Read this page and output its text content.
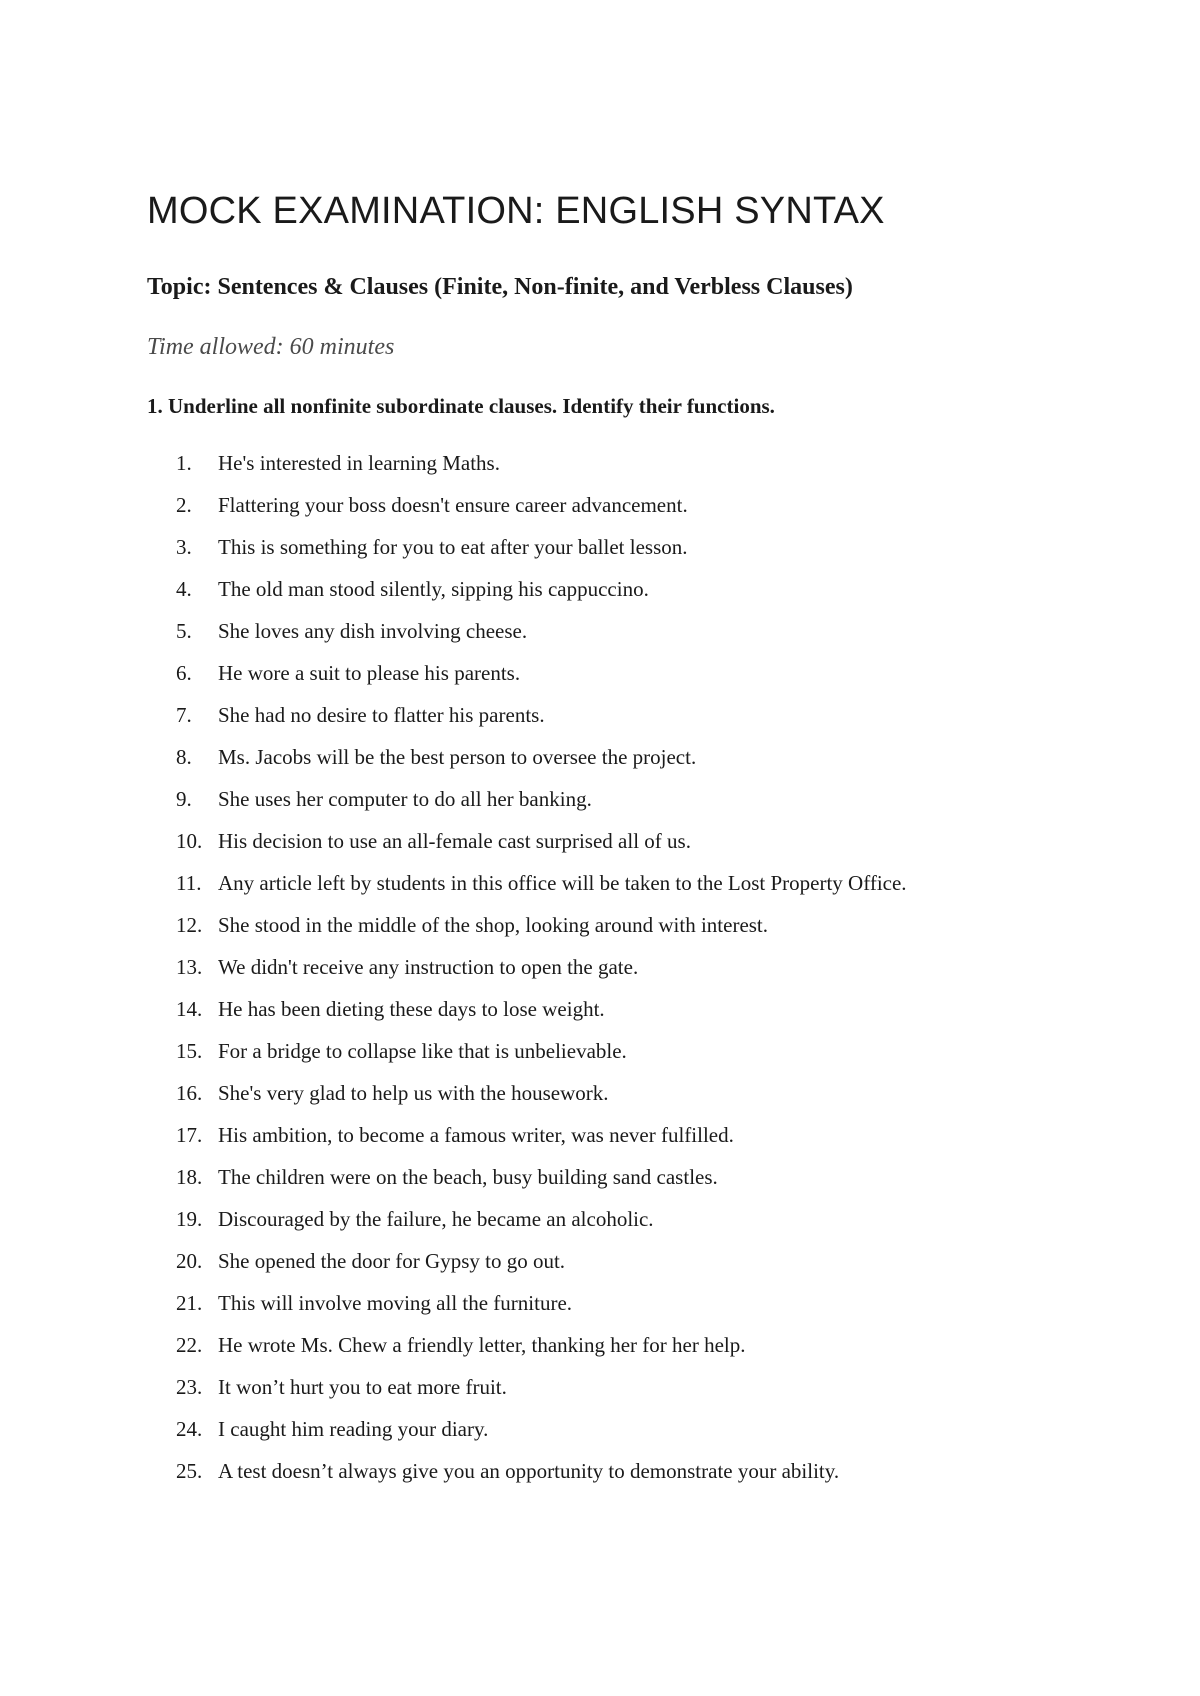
MOCK EXAMINATION: ENGLISH SYNTAX

Topic: Sentences & Clauses (Finite, Non-finite, and Verbless Clauses)

Time allowed: 60 minutes

1. Underline all nonfinite subordinate clauses. Identify their functions.

1.	He's interested in learning Maths.
2.	Flattering your boss doesn't ensure career advancement.
3.	This is something for you to eat after your ballet lesson.
4.	The old man stood silently, sipping his cappuccino.
5.	She loves any dish involving cheese.
6.	He wore a suit to please his parents.
7.	She had no desire to flatter his parents.
8.	Ms. Jacobs will be the best person to oversee the project.
9.	She uses her computer to do all her banking.
10. His decision to use an all-female cast surprised all of us.
11. Any article left by students in this office will be taken to the Lost Property Office.
12. She stood in the middle of the shop, looking around with interest.
13. We didn't receive any instruction to open the gate.
14. He has been dieting these days to lose weight.
15. For a bridge to collapse like that is unbelievable.
16. She's very glad to help us with the housework.
17. His ambition, to become a famous writer, was never fulfilled.
18. The children were on the beach, busy building sand castles.
19. Discouraged by the failure, he became an alcoholic.
20. She opened the door for Gypsy to go out.
21. This will involve moving all the furniture.
22. He wrote Ms. Chew a friendly letter, thanking her for her help.
23. It won’t hurt you to eat more fruit.
24. I caught him reading your diary.
25. A test doesn’t always give you an opportunity to demonstrate your ability.
